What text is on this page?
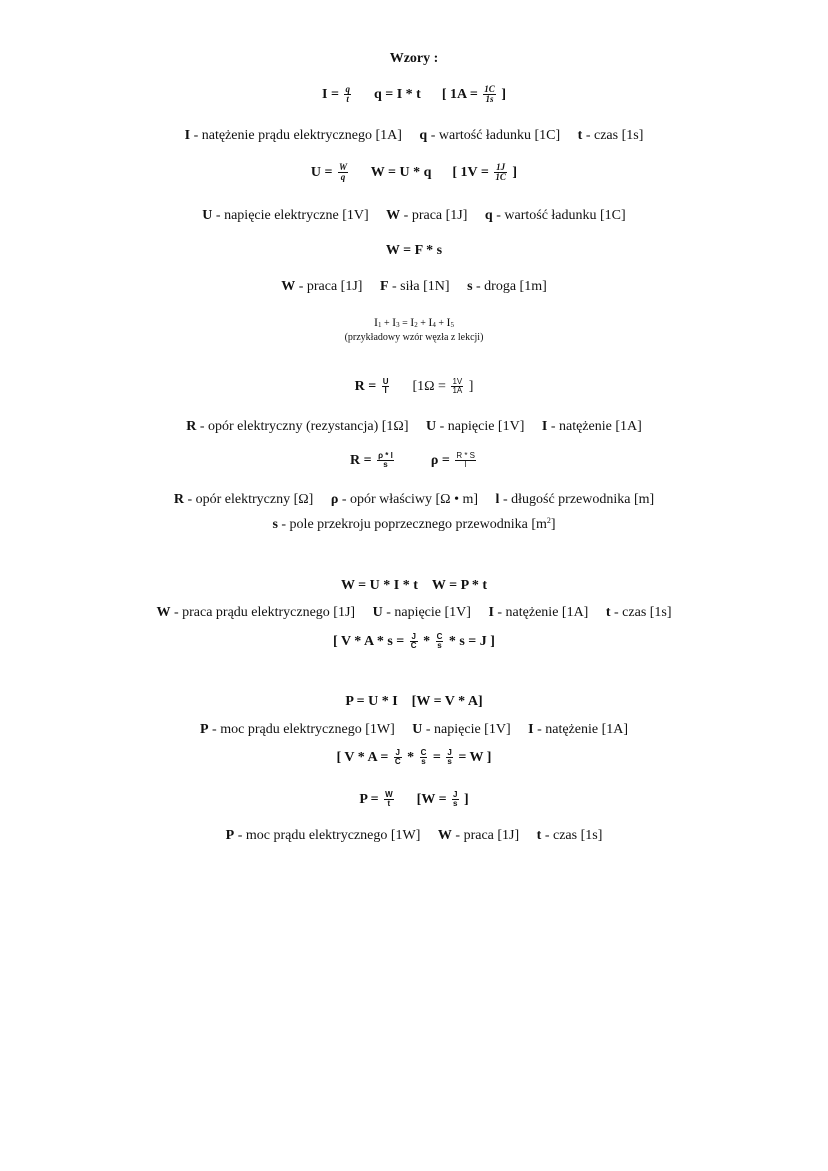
Wzory :
$I = \frac{q}{t}$ q = I * t [ $1A = \frac{1C}{1s}$ ]
I - natężenie prądu elektrycznego [1A] q - wartość ładunku [1C] t - czas [1s]
$U = \frac{W}{q}$ W = U * q [ $1V = \frac{1J}{1C}$ ]
U - napięcie elektryczne [1V] W - praca [1J] q - wartość ładunku [1C]
W = F * s
W - praca [1J] F - siła [1N] s - droga [1m]
$I_1 + I_3 = I_2 + I_4 + I_5$
(przykładowy wzór węzła z lekcji)
$R = \frac{U}{I} [1\Omega = \frac{1V}{1A}$ ]
R - opór elektryczny (rezystancja) [1Ω] U - napięcie [1V] I - natężenie [1A]
$R = \frac{\rho * l}{s}$	$\rho = \frac{R * S}{l}$
R - opór elektryczny [Ω] ρ - opór właściwy [Ω • m] l - długość przewodnika [m]
s - pole przekroju poprzecznego przewodnika $[m^2]$
W = U * I * t W = P * t
W - praca prądu elektrycznego [1J] U - napięcie [1V] I - natężenie [1A] t - czas [1s]
[ $V * A * s = \frac{J}{C} * \frac{C}{s} * s = J$ ]
P = U * I [W = V * A]
P - moc prądu elektrycznego [1W] U - napięcie [1V] I - natężenie [1A]
[ $V * A = \frac{J}{C} * \frac{C}{s} = \frac{J}{s} = W$ ]
$P = \frac{W}{t} [W = \frac{J}{s}$ ]
P - moc prądu elektrycznego [1W] W - praca [1J] t - czas [1s]
